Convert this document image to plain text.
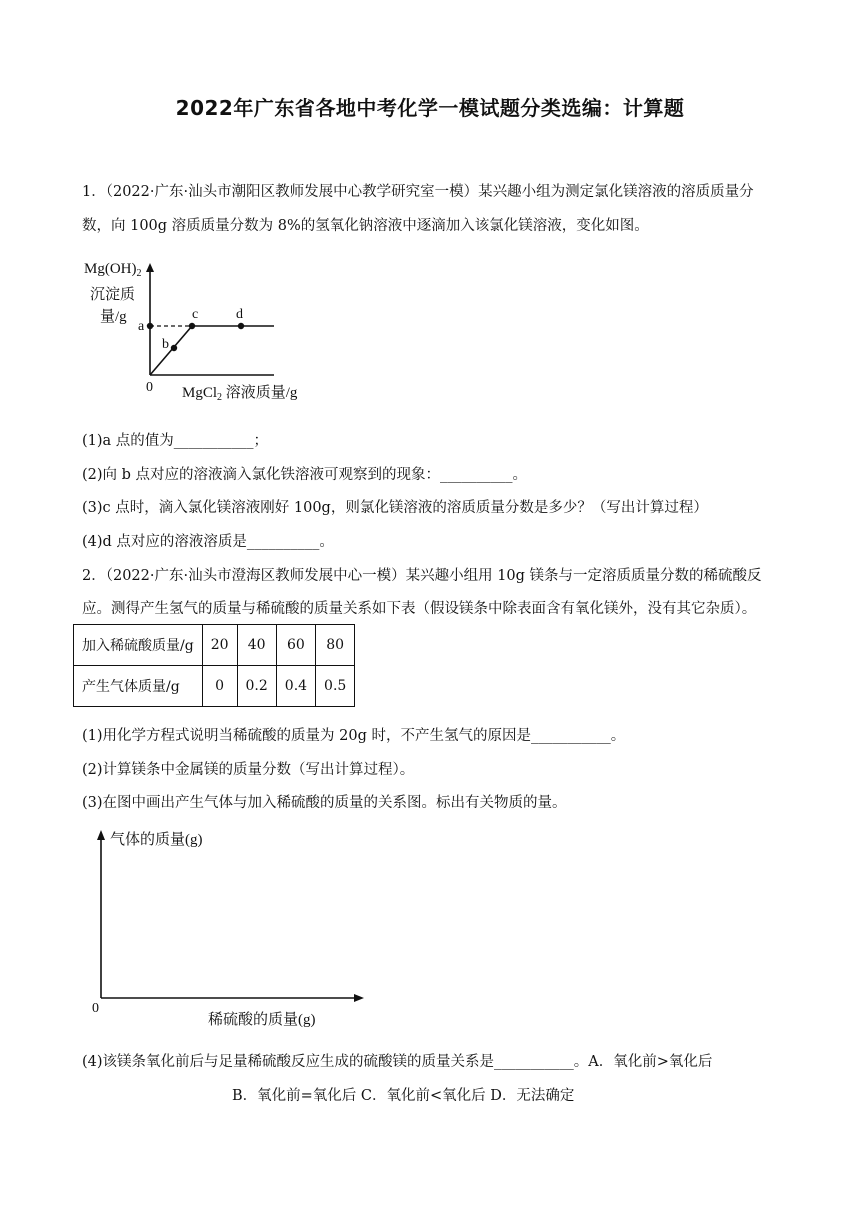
2022年广东省各地中考化学一模试题分类选编：计算题
1．（2022·广东·汕头市潮阳区教师发展中心教学研究室一模）某兴趣小组为测定氯化镁溶液的溶质质量分
数，向 100g 溶质质量分数为 8%的氢氧化钠溶液中逐滴加入该氯化镁溶液，变化如图。
$Mg(OH)_2$
沉淀质
量/g
0
a
b
c	d
MgCl$_2$ 溶液质量/g
(1)a 点的值为___________；
(2)向 b 点对应的溶液滴入氯化铁溶液可观察到的现象：__________。
(3)c 点时，滴入氯化镁溶液刚好 100g，则氯化镁溶液的溶质质量分数是多少？（写出计算过程）
(4)d 点对应的溶液溶质是__________。
2．（2022·广东·汕头市澄海区教师发展中心一模）某兴趣小组用 10g 镁条与一定溶质质量分数的稀硫酸反
应。测得产生氢气的质量与稀硫酸的质量关系如下表（假设镁条中除表面含有氧化镁外，没有其它杂质）。
加入稀硫酸质量/g	20	40	60	80
产生气体质量/g	0	0.2	0.4	0.5
(1)用化学方程式说明当稀硫酸的质量为 20g 时，不产生氢气的原因是___________。
(2)计算镁条中金属镁的质量分数（写出计算过程）。
(3)在图中画出产生气体与加入稀硫酸的质量的关系图。标出有关物质的量。
气体的质量(g)
0
稀硫酸的质量(g)
(4)该镁条氧化前后与足量稀硫酸反应生成的硫酸镁的质量关系是___________。A．氧化前>氧化后
B．氧化前=氧化后 C．氧化前<氧化后 D．无法确定
